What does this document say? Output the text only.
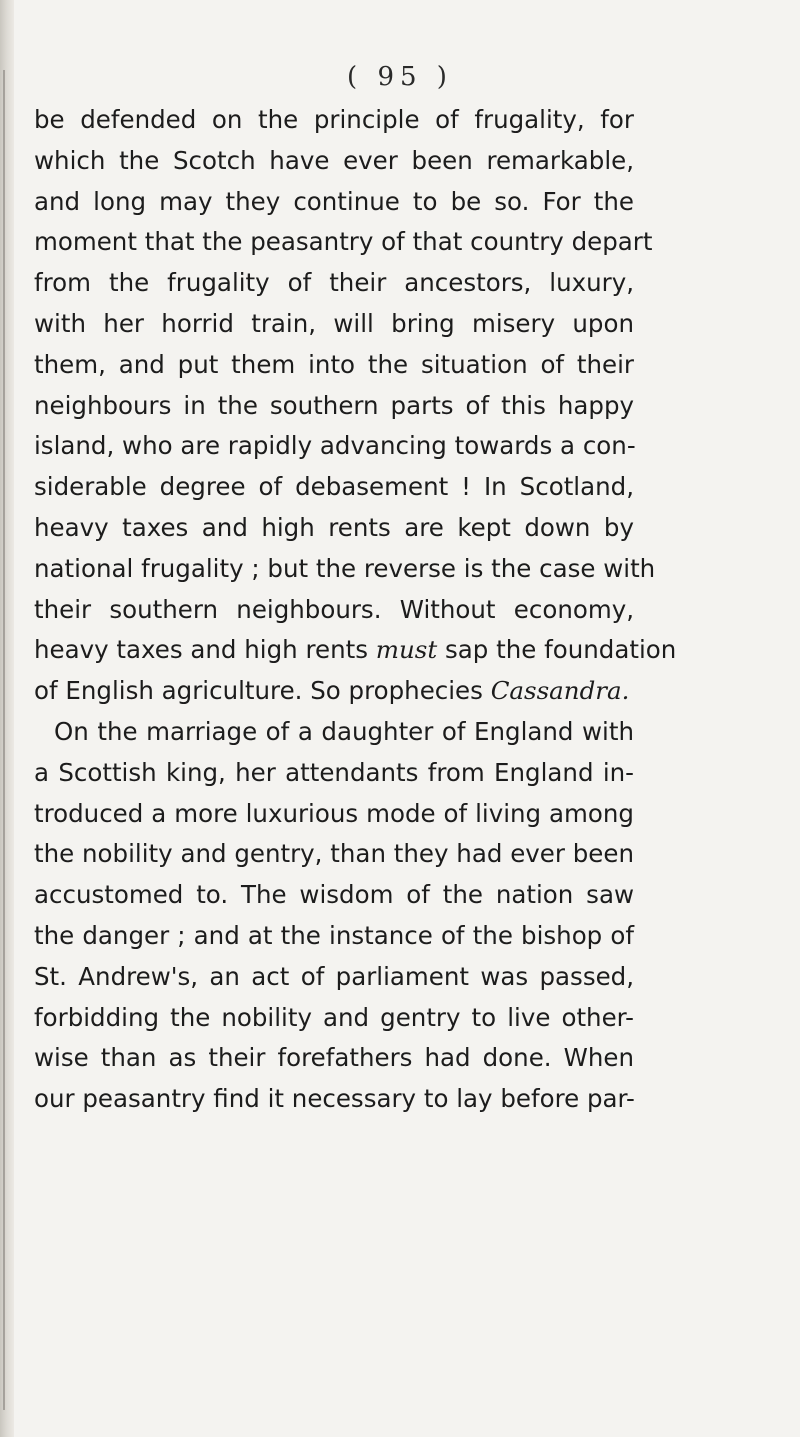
( 95 )
be defended on the principle of frugality, for
which the Scotch have ever been remarkable,
and long may they continue to be so. For the
moment that the peasantry of that country depart
from the frugality of their ancestors, luxury,
with her horrid train, will bring misery upon
them, and put them into the situation of their
neighbours in the southern parts of this happy
island, who are rapidly advancing towards a con-
siderable degree of debasement ! In Scotland,
heavy taxes and high rents are kept down by
national frugality ; but the reverse is the case with
their southern neighbours. Without economy,
heavy taxes and high rents must sap the foundation
of English agriculture. So prophecies Cassandra.
On the marriage of a daughter of England with
a Scottish king, her attendants from England in-
troduced a more luxurious mode of living among
the nobility and gentry, than they had ever been
accustomed to. The wisdom of the nation saw
the danger ; and at the instance of the bishop of
St. Andrew's, an act of parliament was passed,
forbidding the nobility and gentry to live other-
wise than as their forefathers had done. When
our peasantry find it necessary to lay before par-
